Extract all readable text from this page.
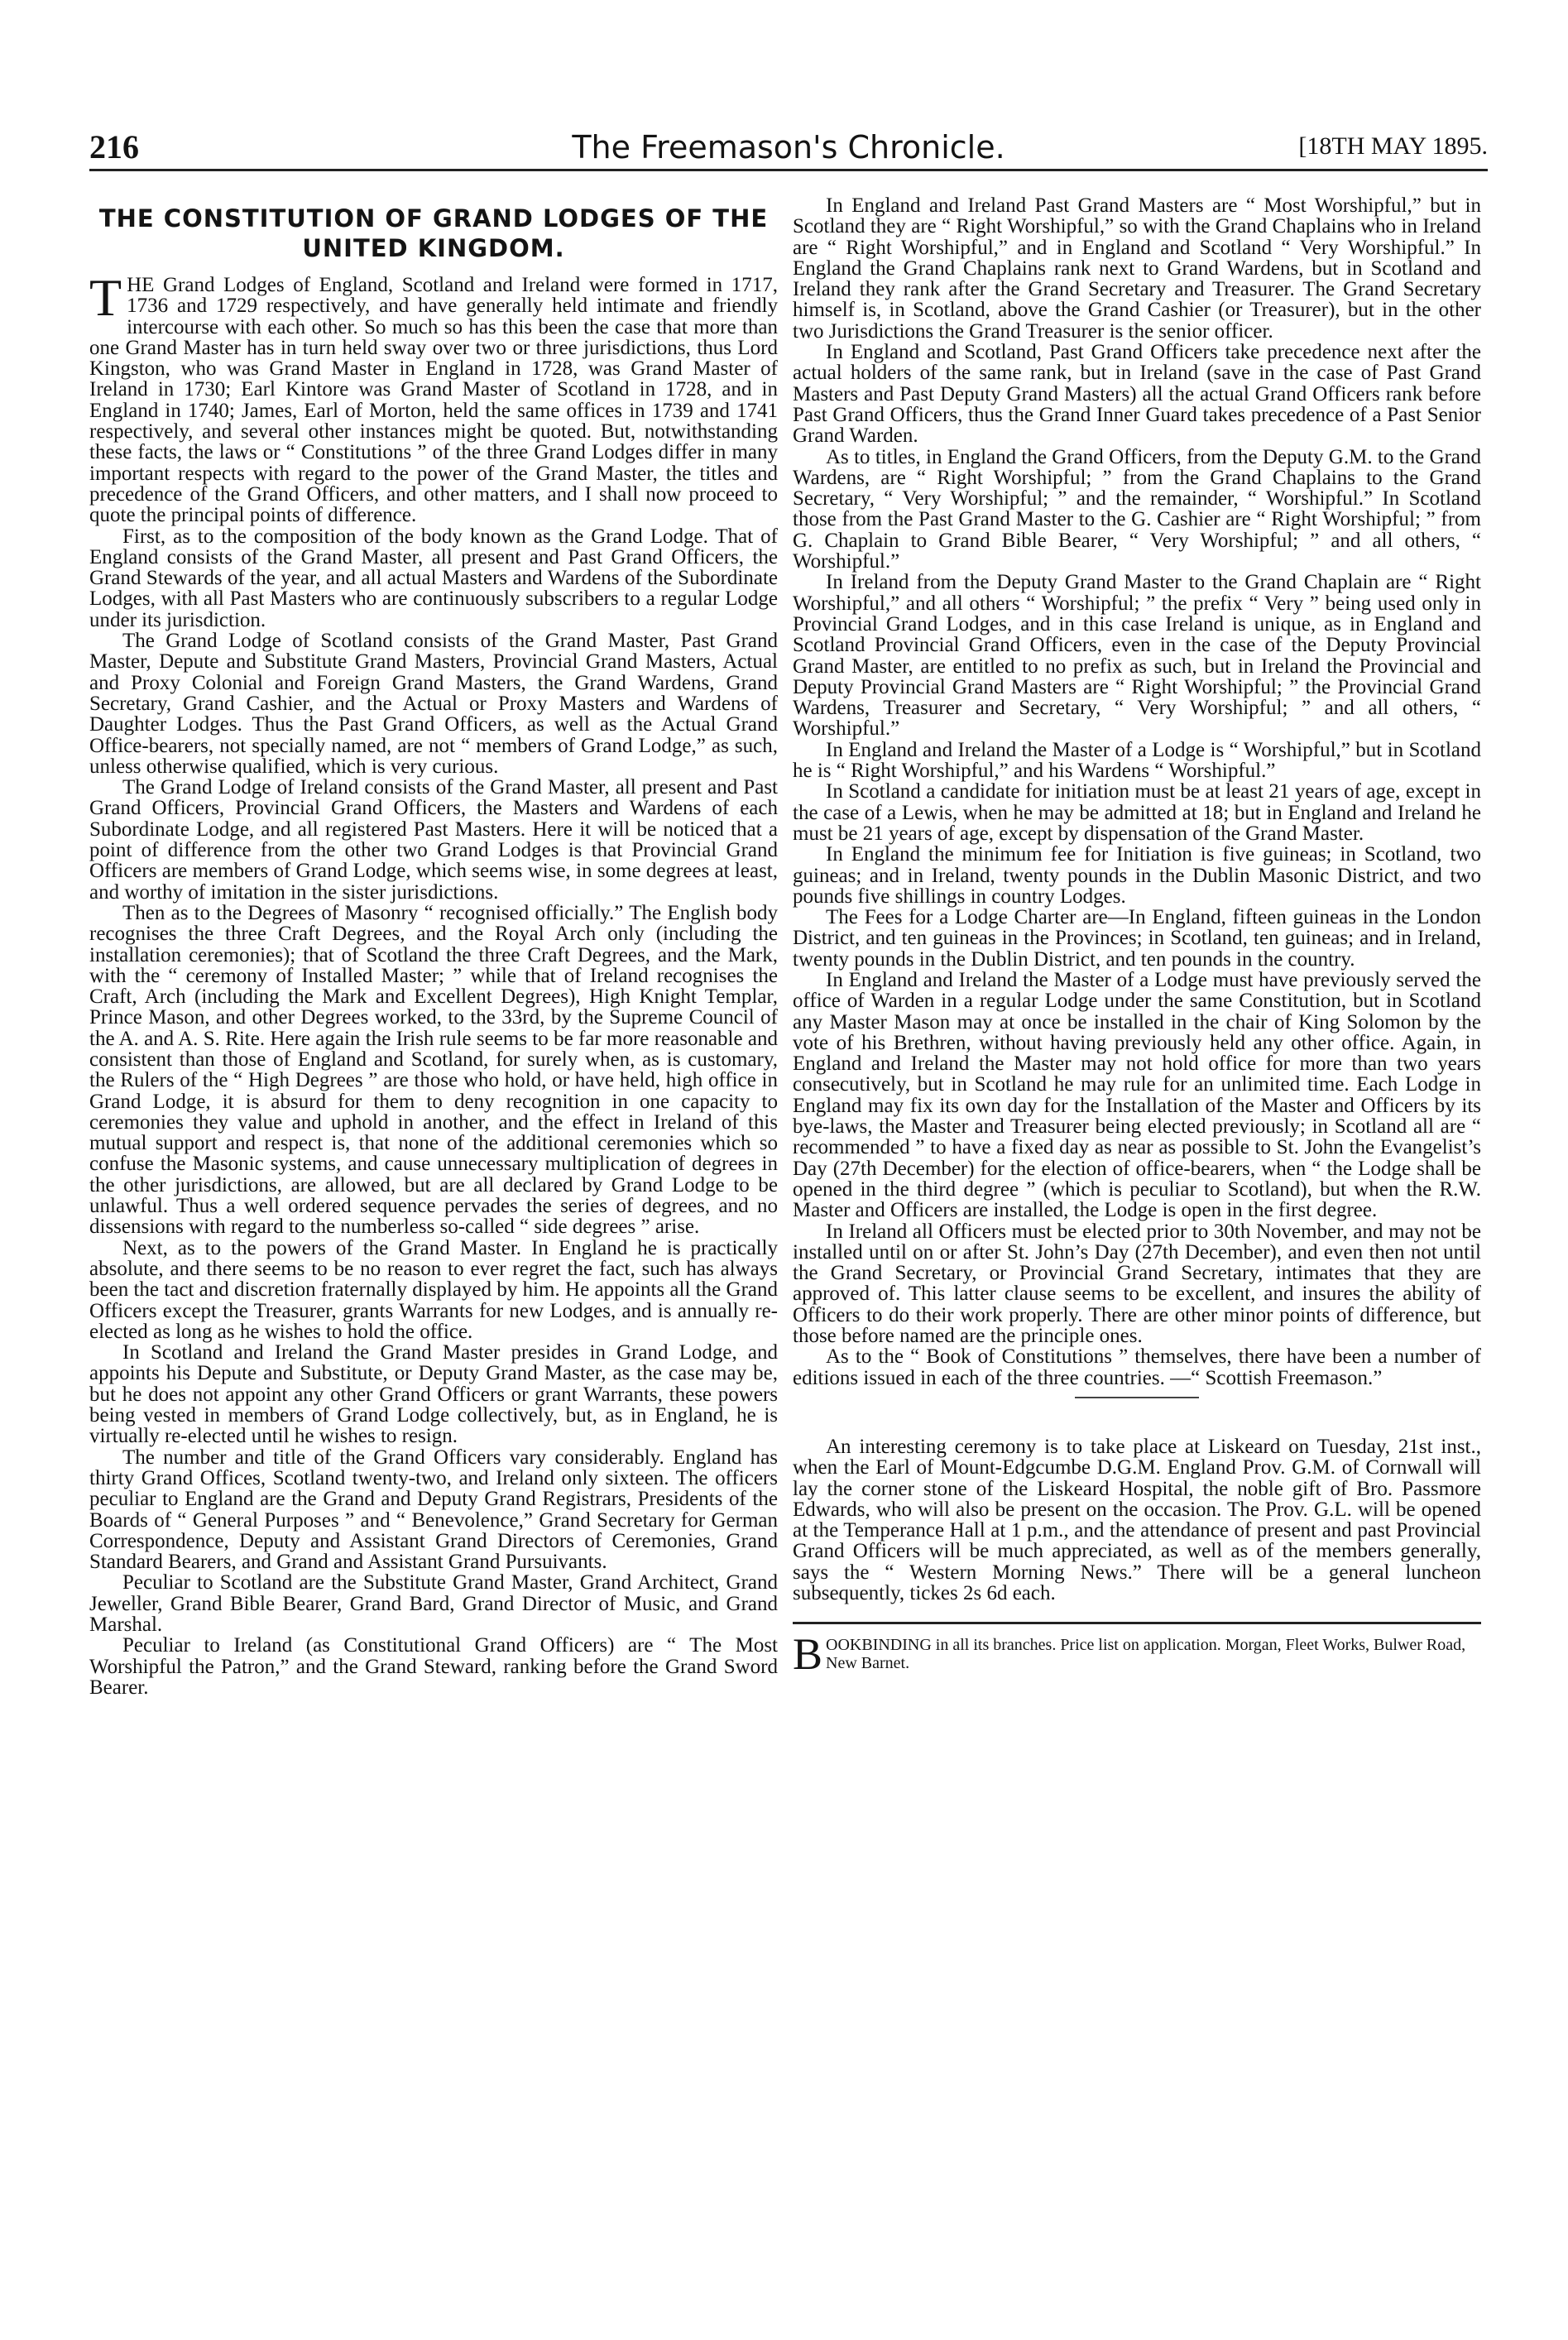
216	The Freemason's Chronicle.	[18TH MAY 1895.
THE CONSTITUTION OF GRAND LODGES OF THE UNITED KINGDOM.

THE Grand Lodges of England, Scotland and Ireland were formed in 1717, 1736 and 1729 respectively, and have generally held intimate and friendly intercourse with each other. So much so has this been the case that more than one Grand Master has in turn held sway over two or three jurisdictions, thus Lord Kingston, who was Grand Master in England in 1728, was Grand Master of Ireland in 1730; Earl Kintore was Grand Master of Scotland in 1728, and in England in 1740; James, Earl of Morton, held the same offices in 1739 and 1741 respectively, and several other instances might be quoted. But, notwithstanding these facts, the laws or “ Constitutions ” of the three Grand Lodges differ in many important respects with regard to the power of the Grand Master, the titles and precedence of the Grand Officers, and other matters, and I shall now proceed to quote the principal points of difference.

First, as to the composition of the body known as the Grand Lodge. That of England consists of the Grand Master, all present and Past Grand Officers, the Grand Stewards of the year, and all actual Masters and Wardens of the Subordinate Lodges, with all Past Masters who are continuously subscribers to a regular Lodge under its jurisdiction.

The Grand Lodge of Scotland consists of the Grand Master, Past Grand Master, Depute and Substitute Grand Masters, Provincial Grand Masters, Actual and Proxy Colonial and Foreign Grand Masters, the Grand Wardens, Grand Secretary, Grand Cashier, and the Actual or Proxy Masters and Wardens of Daughter Lodges. Thus the Past Grand Officers, as well as the Actual Grand Office-bearers, not specially named, are not “ members of Grand Lodge,” as such, unless otherwise qualified, which is very curious.

The Grand Lodge of Ireland consists of the Grand Master, all present and Past Grand Officers, Provincial Grand Officers, the Masters and Wardens of each Subordinate Lodge, and all registered Past Masters. Here it will be noticed that a point of difference from the other two Grand Lodges is that Provincial Grand Officers are members of Grand Lodge, which seems wise, in some degrees at least, and worthy of imitation in the sister jurisdictions.

Then as to the Degrees of Masonry “ recognised officially.” The English body recognises the three Craft Degrees, and the Royal Arch only (including the installation ceremonies); that of Scotland the three Craft Degrees, and the Mark, with the “ ceremony of Installed Master; ” while that of Ireland recognises the Craft, Arch (including the Mark and Excellent Degrees), High Knight Templar, Prince Mason, and other Degrees worked, to the 33rd, by the Supreme Council of the A. and A. S. Rite. Here again the Irish rule seems to be far more reasonable and consistent than those of England and Scotland, for surely when, as is customary, the Rulers of the “ High Degrees ” are those who hold, or have held, high office in Grand Lodge, it is absurd for them to deny recognition in one capacity to ceremonies they value and uphold in another, and the effect in Ireland of this mutual support and respect is, that none of the additional ceremonies which so confuse the Masonic systems, and cause unnecessary multiplication of degrees in the other jurisdictions, are allowed, but are all declared by Grand Lodge to be unlawful. Thus a well ordered sequence pervades the series of degrees, and no dissensions with regard to the numberless so-called “ side degrees ” arise.

Next, as to the powers of the Grand Master. In England he is practically absolute, and there seems to be no reason to ever regret the fact, such has always been the tact and discretion fraternally displayed by him. He appoints all the Grand Officers except the Treasurer, grants Warrants for new Lodges, and is annually re-elected as long as he wishes to hold the office.

In Scotland and Ireland the Grand Master presides in Grand Lodge, and appoints his Depute and Substitute, or Deputy Grand Master, as the case may be, but he does not appoint any other Grand Officers or grant Warrants, these powers being vested in members of Grand Lodge collectively, but, as in England, he is virtually re-elected until he wishes to resign.

The number and title of the Grand Officers vary considerably. England has thirty Grand Offices, Scotland twenty-two, and Ireland only sixteen. The officers peculiar to England are the Grand and Deputy Grand Registrars, Presidents of the Boards of “ General Purposes ” and “ Benevolence,” Grand Secretary for German Correspondence, Deputy and Assistant Grand Directors of Ceremonies, Grand Standard Bearers, and Grand and Assistant Grand Pursuivants.

Peculiar to Scotland are the Substitute Grand Master, Grand Architect, Grand Jeweller, Grand Bible Bearer, Grand Bard, Grand Director of Music, and Grand Marshal.

Peculiar to Ireland (as Constitutional Grand Officers) are “ The Most Worshipful the Patron,” and the Grand Steward, ranking before the Grand Sword Bearer.

In England and Ireland Past Grand Masters are “ Most Worshipful,” but in Scotland they are “ Right Worshipful,” so with the Grand Chaplains who in Ireland are “ Right Worshipful,” and in England and Scotland “ Very Worshipful.” In England the Grand Chaplains rank next to Grand Wardens, but in Scotland and Ireland they rank after the Grand Secretary and Treasurer. The Grand Secretary himself is, in Scotland, above the Grand Cashier (or Treasurer), but in the other two Jurisdictions the Grand Treasurer is the senior officer.

In England and Scotland, Past Grand Officers take precedence next after the actual holders of the same rank, but in Ireland (save in the case of Past Grand Masters and Past Deputy Grand Masters) all the actual Grand Officers rank before Past Grand Officers, thus the Grand Inner Guard takes precedence of a Past Senior Grand Warden.

As to titles, in England the Grand Officers, from the Deputy G.M. to the Grand Wardens, are “ Right Worshipful; ” from the Grand Chaplains to the Grand Secretary, “ Very Worshipful; ” and the remainder, “ Worshipful.” In Scotland those from the Past Grand Master to the G. Cashier are “ Right Worshipful; ” from G. Chaplain to Grand Bible Bearer, “ Very Worshipful; ” and all others, “ Worshipful.”

In Ireland from the Deputy Grand Master to the Grand Chaplain are “ Right Worshipful,” and all others “ Worshipful; ” the prefix “ Very ” being used only in Provincial Grand Lodges, and in this case Ireland is unique, as in England and Scotland Provincial Grand Officers, even in the case of the Deputy Provincial Grand Master, are entitled to no prefix as such, but in Ireland the Provincial and Deputy Provincial Grand Masters are “ Right Worshipful; ” the Provincial Grand Wardens, Treasurer and Secretary, “ Very Worshipful; ” and all others, “ Worshipful.”

In England and Ireland the Master of a Lodge is “ Worshipful,” but in Scotland he is “ Right Worshipful,” and his Wardens “ Worshipful.”

In Scotland a candidate for initiation must be at least 21 years of age, except in the case of a Lewis, when he may be admitted at 18; but in England and Ireland he must be 21 years of age, except by dispensation of the Grand Master.

In England the minimum fee for Initiation is five guineas; in Scotland, two guineas; and in Ireland, twenty pounds in the Dublin Masonic District, and two pounds five shillings in country Lodges.

The Fees for a Lodge Charter are—In England, fifteen guineas in the London District, and ten guineas in the Provinces; in Scotland, ten guineas; and in Ireland, twenty pounds in the Dublin District, and ten pounds in the country.

In England and Ireland the Master of a Lodge must have previously served the office of Warden in a regular Lodge under the same Constitution, but in Scotland any Master Mason may at once be installed in the chair of King Solomon by the vote of his Brethren, without having previously held any other office. Again, in England and Ireland the Master may not hold office for more than two years consecutively, but in Scotland he may rule for an unlimited time. Each Lodge in England may fix its own day for the Installation of the Master and Officers by its bye-laws, the Master and Treasurer being elected previously; in Scotland all are “ recommended ” to have a fixed day as near as possible to St. John the Evangelist’s Day (27th December) for the election of office-bearers, when “ the Lodge shall be opened in the third degree ” (which is peculiar to Scotland), but when the R.W. Master and Officers are installed, the Lodge is open in the first degree.

In Ireland all Officers must be elected prior to 30th November, and may not be installed until on or after St. John’s Day (27th December), and even then not until the Grand Secretary, or Provincial Grand Secretary, intimates that they are approved of. This latter clause seems to be excellent, and insures the ability of Officers to do their work properly. There are other minor points of difference, but those before named are the principle ones.

As to the “ Book of Constitutions ” themselves, there have been a number of editions issued in each of the three countries. —“ Scottish Freemason.”

An interesting ceremony is to take place at Liskeard on Tuesday, 21st inst., when the Earl of Mount-Edgcumbe D.G.M. England Prov. G.M. of Cornwall will lay the corner stone of the Liskeard Hospital, the noble gift of Bro. Passmore Edwards, who will also be present on the occasion. The Prov. G.L. will be opened at the Temperance Hall at 1 p.m., and the attendance of present and past Provincial Grand Officers will be much appreciated, as well as of the members generally, says the “ Western Morning News.” There will be a general luncheon subsequently, tickes 2s 6d each.

B OOKBINDING in all its branches. Price list on application. Morgan, Fleet Works, Bulwer Road, New Barnet.
